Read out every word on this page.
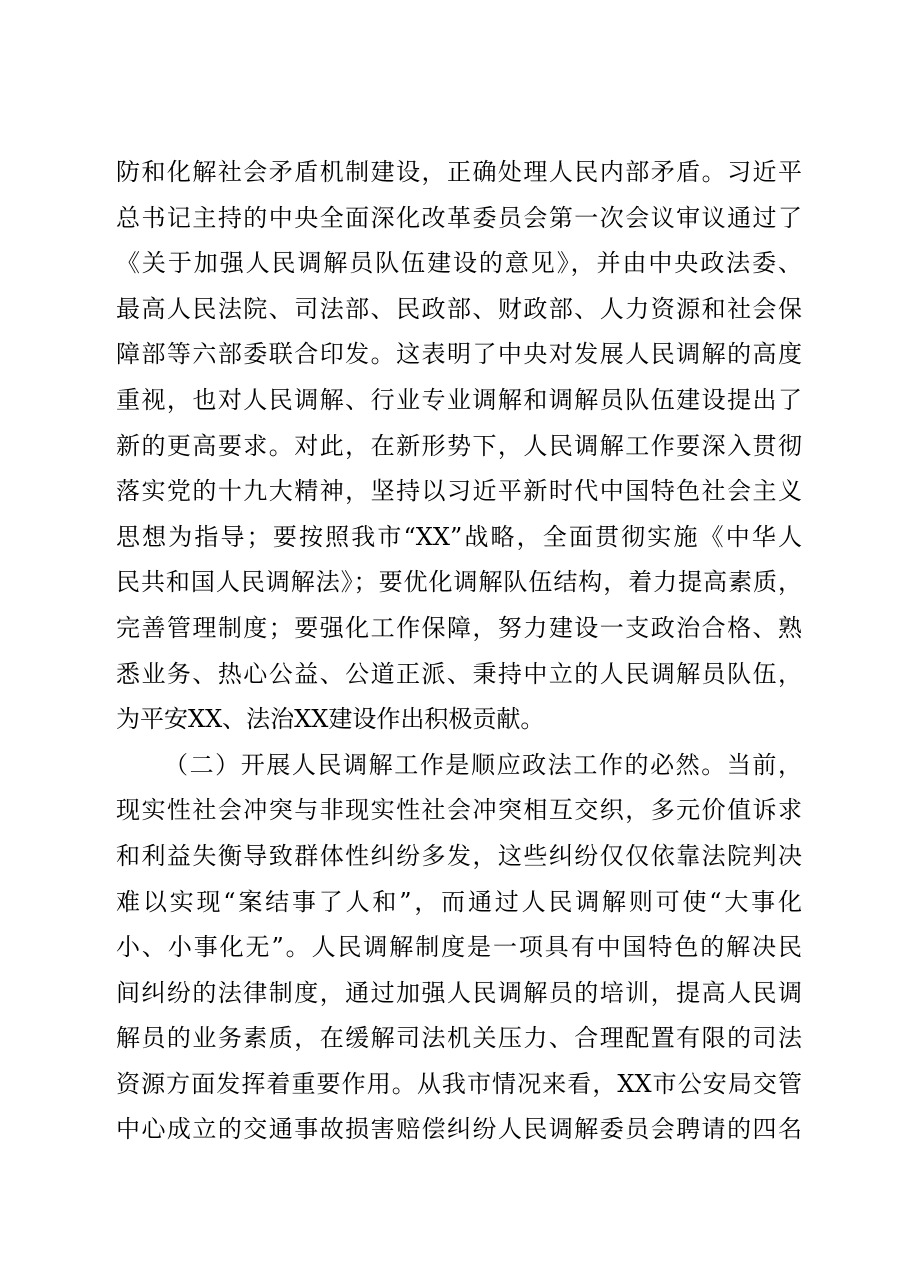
防和化解社会矛盾机制建设，正确处理人民内部矛盾。习近平
总书记主持的中央全面深化改革委员会第一次会议审议通过了
《关于加强人民调解员队伍建设的意见》，并由中央政法委、
最高人民法院、司法部、民政部、财政部、人力资源和社会保
障部等六部委联合印发。这表明了中央对发展人民调解的高度
重视，也对人民调解、行业专业调解和调解员队伍建设提出了
新的更高要求。对此，在新形势下，人民调解工作要深入贯彻
落实党的十九大精神，坚持以习近平新时代中国特色社会主义
思想为指导；要按照我市“XX”战略，全面贯彻实施《中华人
民共和国人民调解法》；要优化调解队伍结构，着力提高素质，
完善管理制度；要强化工作保障，努力建设一支政治合格、熟
悉业务、热心公益、公道正派、秉持中立的人民调解员队伍，
为平安XX、法治XX建设作出积极贡献。
（二）开展人民调解工作是顺应政法工作的必然。当前，
现实性社会冲突与非现实性社会冲突相互交织，多元价值诉求
和利益失衡导致群体性纠纷多发，这些纠纷仅仅依靠法院判决
难以实现“案结事了人和”，而通过人民调解则可使“大事化
小、小事化无”。人民调解制度是一项具有中国特色的解决民
间纠纷的法律制度，通过加强人民调解员的培训，提高人民调
解员的业务素质，在缓解司法机关压力、合理配置有限的司法
资源方面发挥着重要作用。从我市情况来看，XX市公安局交管
中心成立的交通事故损害赔偿纠纷人民调解委员会聘请的四名
